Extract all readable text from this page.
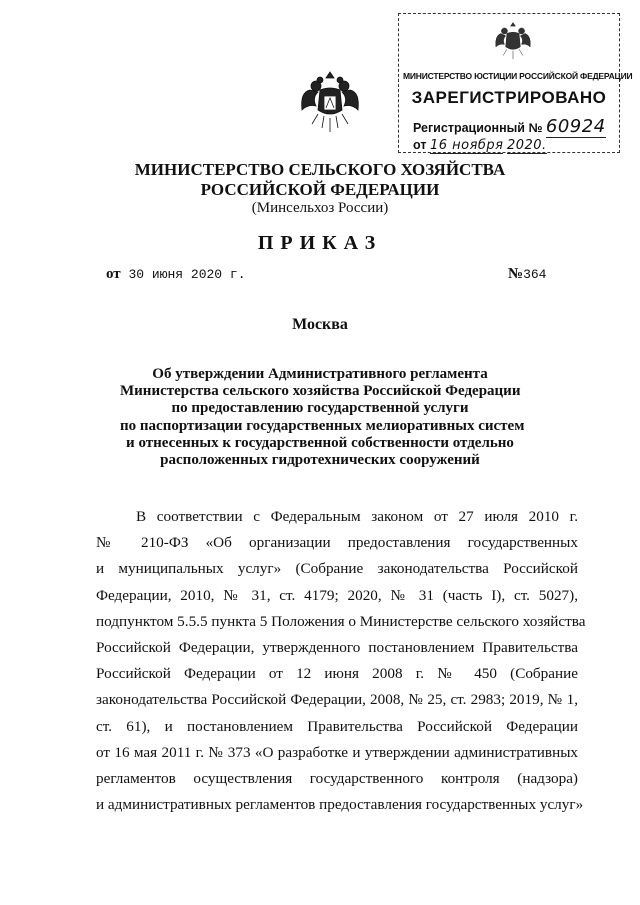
МИНИСТЕРСТВО ЮСТИЦИИ РОССИЙСКОЙ ФЕДЕРАЦИИ
ЗАРЕГИСТРИРОВАНО
Регистрационный № 60924
от 16 ноября 2020.
МИНИСТЕРСТВО СЕЛЬСКОГО ХОЗЯЙСТВА
РОССИЙСКОЙ ФЕДЕРАЦИИ
(Минсельхоз России)
ПРИКАЗ
от 30 июня 2020 г.	№364
Москва
Об утверждении Административного регламента
Министерства сельского хозяйства Российской Федерации
по предоставлению государственной услуги
по паспортизации государственных мелиоративных систем
и отнесенных к государственной собственности отдельно
расположенных гидротехнических сооружений
В соответствии с Федеральным законом от 27 июля 2010 г.
№ 210-ФЗ «Об организации предоставления государственных
и муниципальных услуг» (Собрание законодательства Российской
Федерации, 2010, № 31, ст. 4179; 2020, № 31 (часть I), ст. 5027),
подпунктом 5.5.5 пункта 5 Положения о Министерстве сельского хозяйства
Российской Федерации, утвержденного постановлением Правительства
Российской Федерации от 12 июня 2008 г. № 450 (Собрание
законодательства Российской Федерации, 2008, № 25, ст. 2983; 2019, № 1,
ст. 61), и постановлением Правительства Российской Федерации
от 16 мая 2011 г. № 373 «О разработке и утверждении административных
регламентов осуществления государственного контроля (надзора)
и административных регламентов предоставления государственных услуг»
